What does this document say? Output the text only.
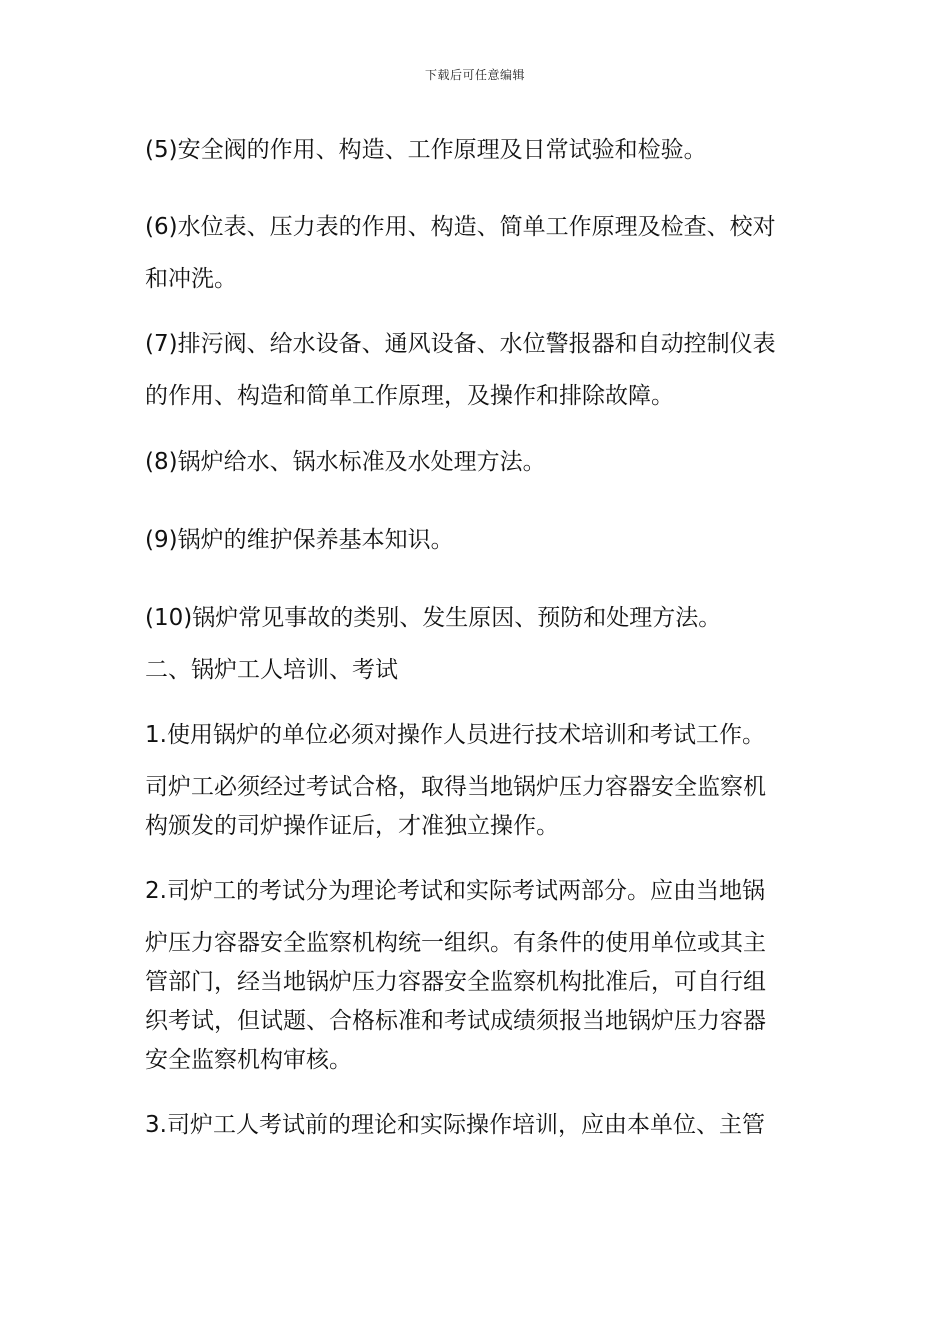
下载后可任意编辑
(5)安全阀的作用、构造、工作原理及日常试验和检验。
(6)水位表、压力表的作用、构造、简单工作原理及检查、校对
和冲洗。
(7)排污阀、给水设备、通风设备、水位警报器和自动控制仪表
的作用、构造和简单工作原理，及操作和排除故障。
(8)锅炉给水、锅水标准及水处理方法。
(9)锅炉的维护保养基本知识。
(10)锅炉常见事故的类别、发生原因、预防和处理方法。
二、锅炉工人培训、考试
1.使用锅炉的单位必须对操作人员进行技术培训和考试工作。
司炉工必须经过考试合格，取得当地锅炉压力容器安全监察机
构颁发的司炉操作证后，才准独立操作。
2.司炉工的考试分为理论考试和实际考试两部分。应由当地锅
炉压力容器安全监察机构统一组织。有条件的使用单位或其主
管部门，经当地锅炉压力容器安全监察机构批准后，可自行组
织考试，但试题、合格标准和考试成绩须报当地锅炉压力容器
安全监察机构审核。
3.司炉工人考试前的理论和实际操作培训，应由本单位、主管
